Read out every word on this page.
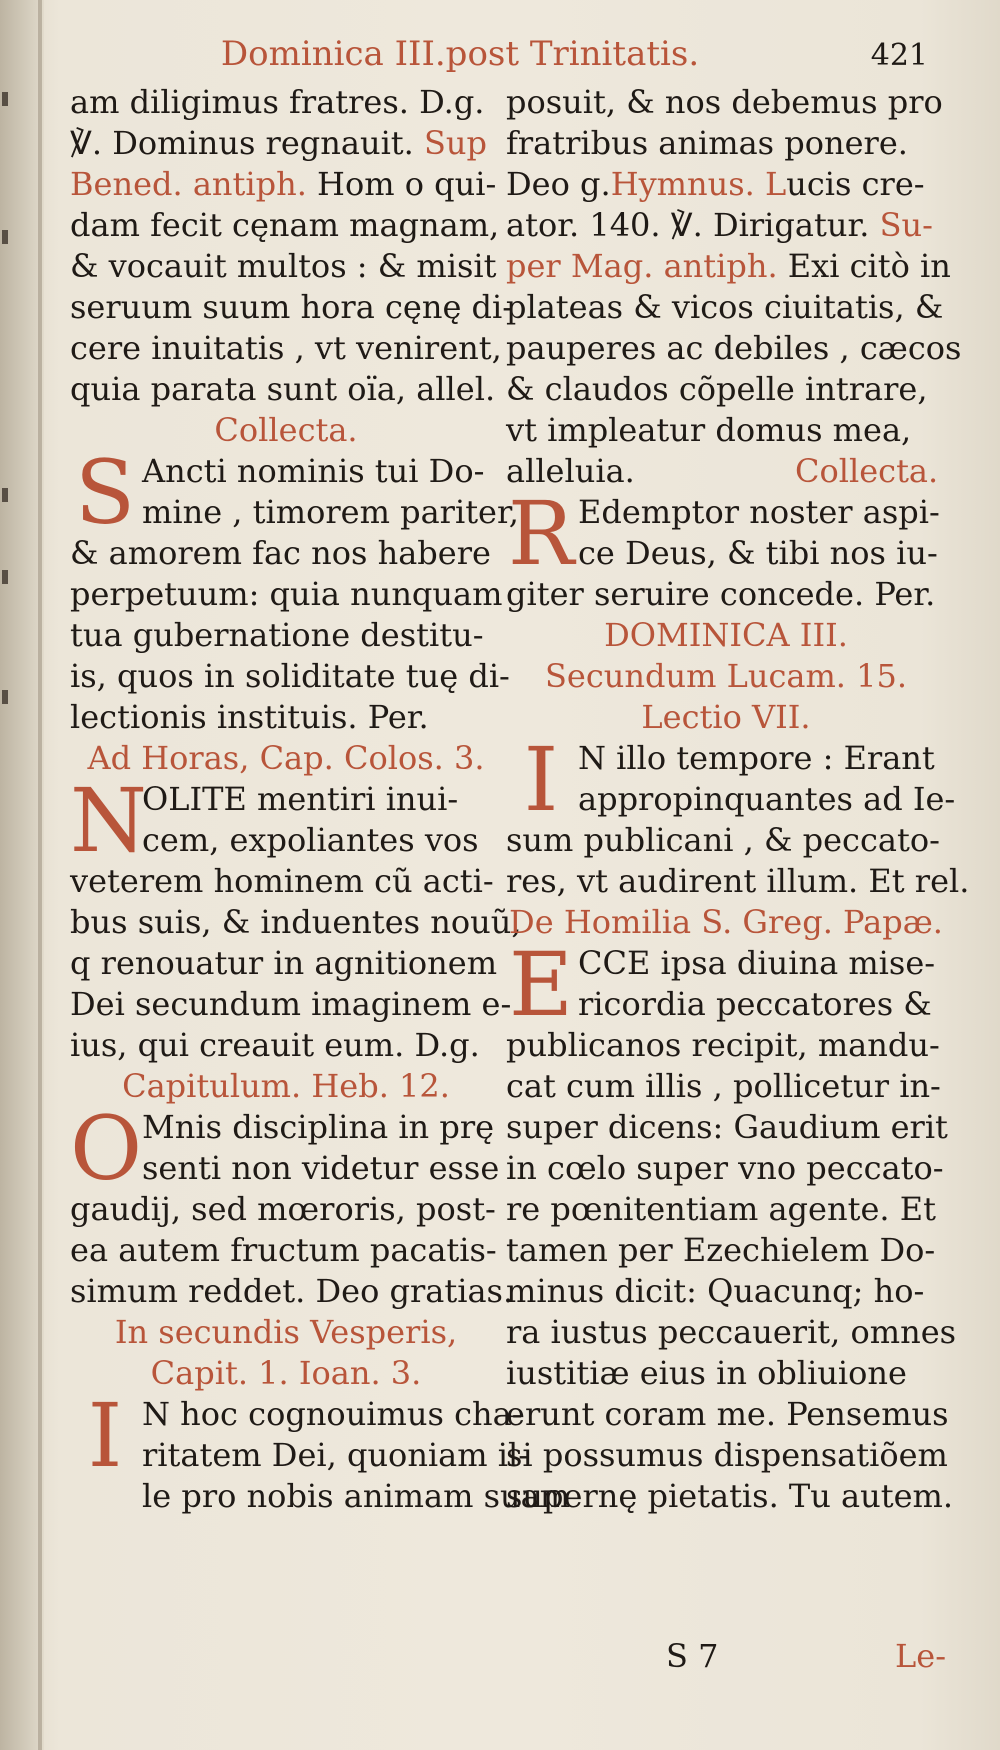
Dominica III.post Trinitatis.	421
am diligimus fratres. D.g.
℣. Dominus regnauit. Sup
Bened. antiph. Hom o qui-
dam fecit cęnam magnam,
& vocauit multos : & misit
seruum suum hora cęnę di-
cere inuitatis , vt venirent,
quia parata sunt oïa, allel.
Collecta.
S Ancti nominis tui Do-
mine , timorem pariter,
& amorem fac nos habere
perpetuum: quia nunquam
tua gubernatione destitu-
is, quos in soliditate tuę di-
lectionis instituis. Per.
Ad Horas, Cap. Colos. 3.
N
OLITE mentiri inui-
cem, expoliantes vos
veterem hominem cũ acti-
bus suis, & induentes nouũ,
q renouatur in agnitionem
Dei secundum imaginem e-
ius, qui creauit eum. D.g.
Capitulum. Heb. 12.
O Mnis disciplina in prę
senti non videtur esse
gaudij, sed mœroris, post-
ea autem fructum pacatis-
simum reddet. Deo gratias.
In secundis Vesperis,
Capit. 1. Ioan. 3.
I N hoc cognouimus cha-
ritatem Dei, quoniam il-
le pro nobis animam suam
posuit, & nos debemus pro
fratribus animas ponere.
Deo g.Hymnus. Lucis cre-
ator. 140. ℣. Dirigatur. Su-
per Mag. antiph. Exi citò in
plateas & vicos ciuitatis, &
pauperes ac debiles , cæcos
& claudos cõpelle intrare,
vt impleatur domus mea,
alleluia.	Collecta.
R Edemptor noster aspi-
ce Deus, & tibi nos iu-
giter seruire concede. Per.
DOMINICA III.
Secundum Lucam. 15.
Lectio VII.
I N illo tempore : Erant
appropinquantes ad Ie-
sum publicani , & peccato-
res, vt audirent illum. Et rel.
De Homilia S. Greg. Papæ.
E CCE ipsa diuina mise-
ricordia peccatores &
publicanos recipit, mandu-
cat cum illis , pollicetur in-
super dicens: Gaudium erit
in cœlo super vno peccato-
re pœnitentiam agente. Et
tamen per Ezechielem Do-
minus dicit: Quacunq; ho-
ra iustus peccauerit, omnes
iustitiæ eius in obliuione
erunt coram me. Pensemus
si possumus dispensatiõem
supernę pietatis. Tu autem.
S 7	Le-
